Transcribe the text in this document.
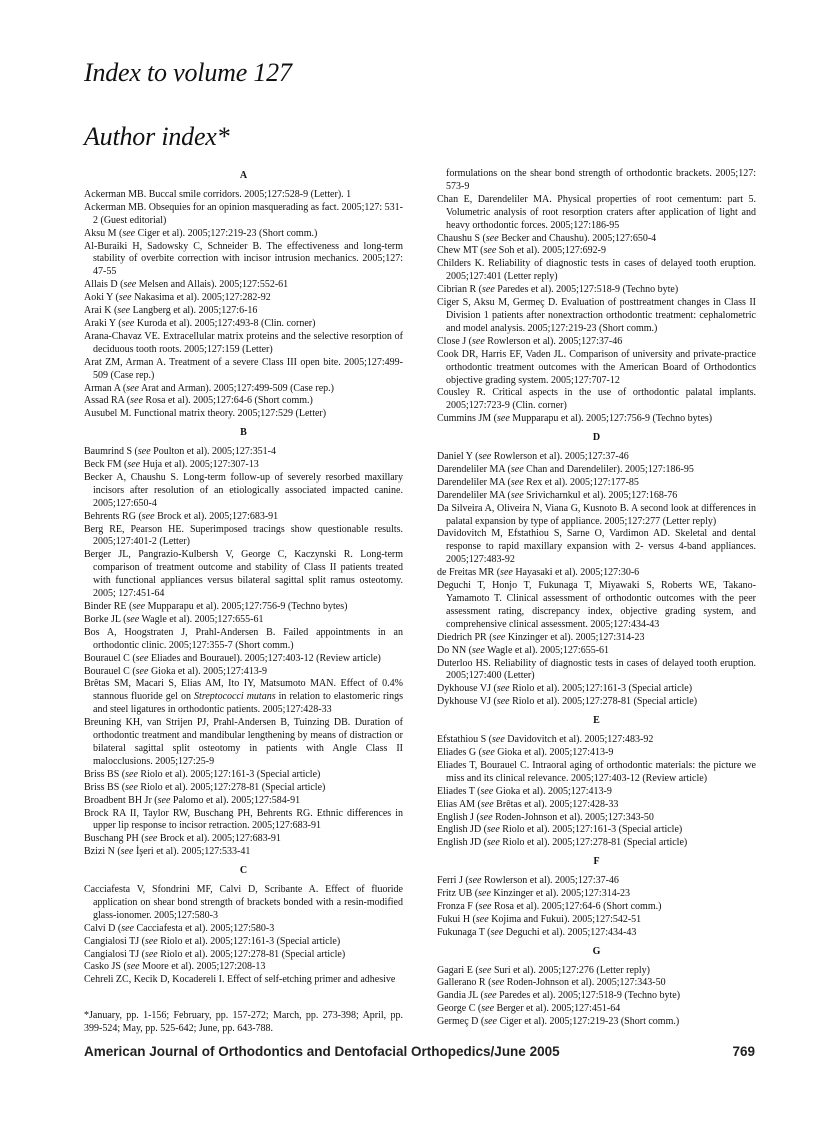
Index to volume 127
Author index*
A

Ackerman MB. Buccal smile corridors. 2005;127:528-9 (Letter). 1

Ackerman MB. Obsequies for an opinion masquerading as fact. 2005;127: 531-2 (Guest editorial)

Aksu M (see Ciger et al). 2005;127:219-23 (Short comm.)

Al-Buraiki H, Sadowsky C, Schneider B. The effectiveness and long-term stability of overbite correction with incisor intrusion mechanics. 2005;127: 47-55

Allais D (see Melsen and Allais). 2005;127:552-61

Aoki Y (see Nakasima et al). 2005;127:282-92

Arai K (see Langberg et al). 2005;127:6-16

Araki Y (see Kuroda et al). 2005;127:493-8 (Clin. corner)

Arana-Chavaz VE. Extracellular matrix proteins and the selective resorption of deciduous tooth roots. 2005;127:159 (Letter)

Arat ZM, Arman A. Treatment of a severe Class III open bite. 2005;127:499-509 (Case rep.)

Arman A (see Arat and Arman). 2005;127:499-509 (Case rep.)

Assad RA (see Rosa et al). 2005;127:64-6 (Short comm.)

Ausubel M. Functional matrix theory. 2005;127:529 (Letter)

B

Baumrind S (see Poulton et al). 2005;127:351-4

Beck FM (see Huja et al). 2005;127:307-13

Becker A, Chaushu S. Long-term follow-up of severely resorbed maxillary incisors after resolution of an etiologically associated impacted canine. 2005;127:650-4

Behrents RG (see Brock et al). 2005;127:683-91

Berg RE, Pearson HE. Superimposed tracings show questionable results. 2005;127:401-2 (Letter)

Berger JL, Pangrazio-Kulbersh V, George C, Kaczynski R. Long-term comparison of treatment outcome and stability of Class II patients treated with functional appliances versus bilateral sagittal split ramus osteotomy. 2005; 127:451-64

Binder RE (see Mupparapu et al). 2005;127:756-9 (Techno bytes)

Borke JL (see Wagle et al). 2005;127:655-61

Bos A, Hoogstraten J, Prahl-Andersen B. Failed appointments in an orthodontic clinic. 2005;127:355-7 (Short comm.)

Bourauel C (see Eliades and Bourauel). 2005;127:403-12 (Review article)

Bourauel C (see Gioka et al). 2005;127:413-9

Brêtas SM, Macari S, Elias AM, Ito IY, Matsumoto MAN. Effect of 0.4% stannous fluoride gel on Streptococci mutans in relation to elastomeric rings and steel ligatures in orthodontic patients. 2005;127:428-33

Breuning KH, van Strijen PJ, Prahl-Andersen B, Tuinzing DB. Duration of orthodontic treatment and mandibular lengthening by means of distraction or bilateral sagittal split osteotomy in patients with Angle Class II malocclusions. 2005;127:25-9

Briss BS (see Riolo et al). 2005;127:161-3 (Special article)

Briss BS (see Riolo et al). 2005;127:278-81 (Special article)

Broadbent BH Jr (see Palomo et al). 2005;127:584-91

Brock RA II, Taylor RW, Buschang PH, Behrents RG. Ethnic differences in upper lip response to incisor retraction. 2005;127:683-91

Buschang PH (see Brock et al). 2005;127:683-91

Bzizi N (see İşeri et al). 2005;127:533-41

C

Cacciafesta V, Sfondrini MF, Calvi D, Scribante A. Effect of fluoride application on shear bond strength of brackets bonded with a resin-modified glass-ionomer. 2005;127:580-3

Calvi D (see Cacciafesta et al). 2005;127:580-3

Cangialosi TJ (see Riolo et al). 2005;127:161-3 (Special article)

Cangialosi TJ (see Riolo et al). 2005;127:278-81 (Special article)

Casko JS (see Moore et al). 2005;127:208-13

Cehreli ZC, Kecik D, Kocadereli I. Effect of self-etching primer and adhesive

formulations on the shear bond strength of orthodontic brackets. 2005;127: 573-9

Chan E, Darendeliler MA. Physical properties of root cementum: part 5. Volumetric analysis of root resorption craters after application of light and heavy orthodontic forces. 2005;127:186-95

Chaushu S (see Becker and Chaushu). 2005;127:650-4

Chew MT (see Soh et al). 2005;127:692-9

Childers K. Reliability of diagnostic tests in cases of delayed tooth eruption. 2005;127:401 (Letter reply)

Cibrian R (see Paredes et al). 2005;127:518-9 (Techno byte)

Ciger S, Aksu M, Germeç D. Evaluation of posttreatment changes in Class II Division 1 patients after nonextraction orthodontic treatment: cephalometric and model analysis. 2005;127:219-23 (Short comm.)

Close J (see Rowlerson et al). 2005;127:37-46

Cook DR, Harris EF, Vaden JL. Comparison of university and private-practice orthodontic treatment outcomes with the American Board of Orthodontics objective grading system. 2005;127:707-12

Cousley R. Critical aspects in the use of orthodontic palatal implants. 2005;127:723-9 (Clin. corner)

Cummins JM (see Mupparapu et al). 2005;127:756-9 (Techno bytes)

D

Daniel Y (see Rowlerson et al). 2005;127:37-46

Darendeliler MA (see Chan and Darendeliler). 2005;127:186-95

Darendeliler MA (see Rex et al). 2005;127:177-85

Darendeliler MA (see Srivicharnkul et al). 2005;127:168-76

Da Silveira A, Oliveira N, Viana G, Kusnoto B. A second look at differences in palatal expansion by type of appliance. 2005;127:277 (Letter reply)

Davidovitch M, Efstathiou S, Sarne O, Vardimon AD. Skeletal and dental response to rapid maxillary expansion with 2- versus 4-band appliances. 2005;127:483-92

de Freitas MR (see Hayasaki et al). 2005;127:30-6

Deguchi T, Honjo T, Fukunaga T, Miyawaki S, Roberts WE, Takano-Yamamoto T. Clinical assessment of orthodontic outcomes with the peer assessment rating, discrepancy index, objective grading system, and comprehensive clinical assessment. 2005;127:434-43

Diedrich PR (see Kinzinger et al). 2005;127:314-23

Do NN (see Wagle et al). 2005;127:655-61

Duterloo HS. Reliability of diagnostic tests in cases of delayed tooth eruption. 2005;127:400 (Letter)

Dykhouse VJ (see Riolo et al). 2005;127:161-3 (Special article)

Dykhouse VJ (see Riolo et al). 2005;127:278-81 (Special article)

E

Efstathiou S (see Davidovitch et al). 2005;127:483-92

Eliades G (see Gioka et al). 2005;127:413-9

Eliades T, Bourauel C. Intraoral aging of orthodontic materials: the picture we miss and its clinical relevance. 2005;127:403-12 (Review article)

Eliades T (see Gioka et al). 2005;127:413-9

Elias AM (see Brêtas et al). 2005;127:428-33

English J (see Roden-Johnson et al). 2005;127:343-50

English JD (see Riolo et al). 2005;127:161-3 (Special article)

English JD (see Riolo et al). 2005;127:278-81 (Special article)

F

Ferri J (see Rowlerson et al). 2005;127:37-46

Fritz UB (see Kinzinger et al). 2005;127:314-23

Fronza F (see Rosa et al). 2005;127:64-6 (Short comm.)

Fukui H (see Kojima and Fukui). 2005;127:542-51

Fukunaga T (see Deguchi et al). 2005;127:434-43

G

Gagari E (see Suri et al). 2005;127:276 (Letter reply)

Gallerano R (see Roden-Johnson et al). 2005;127:343-50

Gandia JL (see Paredes et al). 2005;127:518-9 (Techno byte)

George C (see Berger et al). 2005;127:451-64

Germeç D (see Ciger et al). 2005;127:219-23 (Short comm.)

*January, pp. 1-156; February, pp. 157-272; March, pp. 273-398; April, pp. 399-524; May, pp. 525-642; June, pp. 643-788.
American Journal of Orthodontics and Dentofacial Orthopedics/June 2005	769
